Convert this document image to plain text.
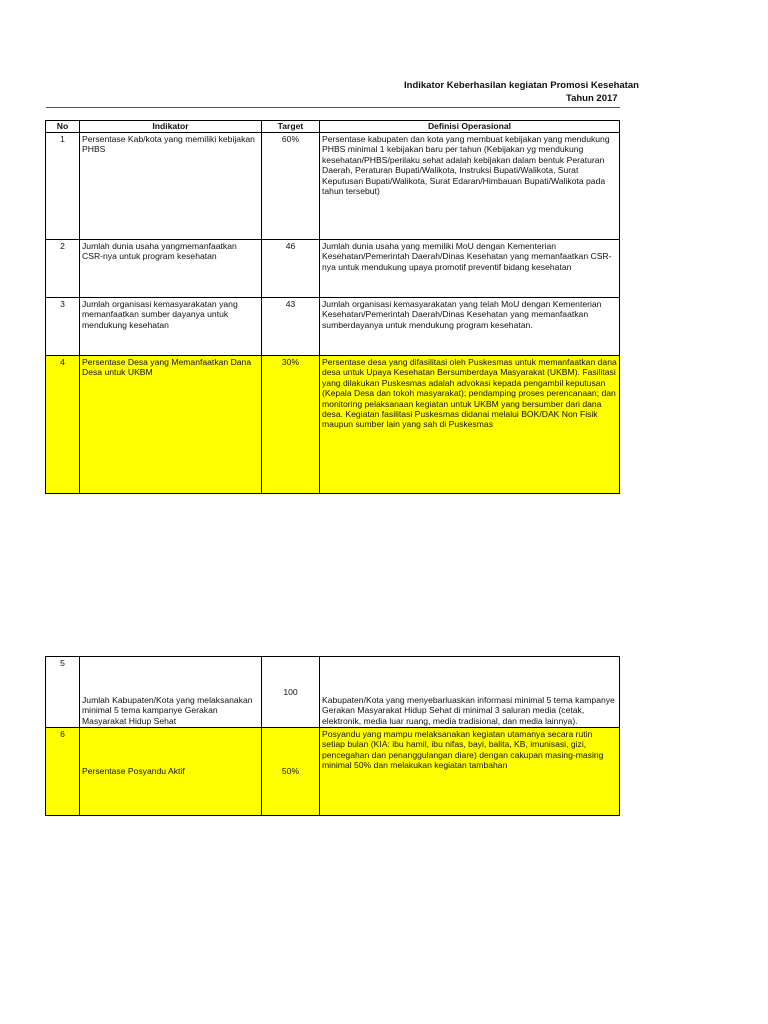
Indikator Keberhasilan kegiatan Promosi Kesehatan
Tahun 2017
No	Indikator	Target	Definisi Operasional
1	Persentase Kab/kota yang memiliki kebijakan PHBS	60%	Persentase kabupaten dan kota yang membuat kebijakan yang mendukung PHBS minimal 1 kebijakan baru per tahun (Kebijakan yg mendukung kesehatan/PHBS/perilaku sehat adalah kebijakan dalam bentuk Peraturan Daerah, Peraturan Bupati/Walikota, Instruksi Bupati/Walikota, Surat Keputusan Bupati/Walikota, Surat Edaran/Himbauan Bupati/Walikota pada tahun tersebut)
2	Jumlah dunia usaha yangmemanfaatkan CSR-nya untuk program kesehatan	46	Jumlah dunia usaha yang memiliki MoU dengan Kementerian Kesehatan/Pemerintah Daerah/Dinas Kesehatan yang memanfaatkan CSR-nya untuk mendukung upaya promotif preventif bidang kesehatan
3	Jumlah organisasi kemasyarakatan yang memanfaatkan sumber dayanya untuk mendukung kesehatan	43	Jumlah organisasi kemasyarakatan yang telah MoU dengan Kementerian Kesehatan/Pemerintah Daerah/Dinas Kesehatan yang memanfaatkan sumberdayanya untuk mendukung program kesehatan.
4	Persentase Desa yang Memanfaatkan Dana Desa untuk UKBM	30%	Persentase desa yang difasilitasi oleh Puskesmas untuk memanfaatkan dana desa untuk Upaya Kesehatan Bersumberdaya Masyarakat (UKBM). Fasilitasi yang dilakukan Puskesmas adalah advokasi kepada pengambil keputusan (Kepala Desa dan tokoh masyarakat); pendamping proses perencanaan; dan monitoring pelaksanaan kegiatan untuk UKBM yang bersumber dari dana desa. Kegiatan fasilitasi Puskesmas didanai melalui BOK/DAK Non Fisik maupun sumber lain yang sah di Puskesmas
5	Jumlah Kabupaten/Kota yang melaksanakan minimal 5 tema kampanye Gerakan Masyarakat Hidup Sehat	100	Kabupaten/Kota yang menyebarluaskan informasi minimal 5 tema kampanye Gerakan Masyarakat Hidup Sehat di minimal 3 saluran media (cetak, elektronik, media luar ruang, media tradisional, dan media lainnya).
6	Persentase Posyandu Aktif	50%	Posyandu yang mampu melaksanakan kegiatan utamanya secara rutin setiap bulan (KIA: ibu hamil, ibu nifas, bayi, balita, KB, imunisasi, gizi, pencegahan dan penanggulangan diare) dengan cakupan masing-masing minimal 50% dan melakukan kegiatan tambahan
